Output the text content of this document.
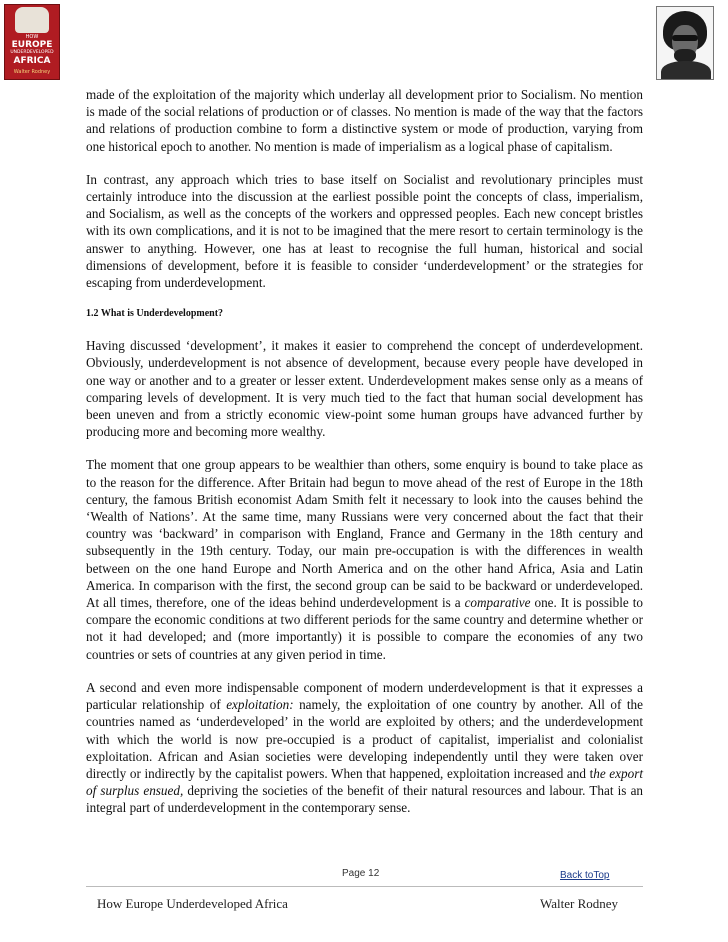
HOW
EUROPE
UNDERDEVELOPED
AFRICA
Walter Rodney

made of the exploitation of the majority which underlay all development prior to Socialism. No mention is made of the social relations of production or of classes. No mention is made of the way that the factors and relations of production combine to form a distinctive system or mode of production, varying from one historical epoch to another. No mention is made of imperialism as a logical phase of capitalism.

In contrast, any approach which tries to base itself on Socialist and revolutionary principles must certainly introduce into the discussion at the earliest possible point the concepts of class, imperialism, and Socialism, as well as the concepts of the workers and oppressed peoples. Each new concept bristles with its own complications, and it is not to be imagined that the mere resort to certain terminology is the answer to anything. However, one has at least to recognise the full human, historical and social dimensions of development, before it is feasible to consider ‘underdevelopment’ or the strategies for escaping from underdevelopment.

1.2 What is Underdevelopment?

Having discussed ‘development’, it makes it easier to comprehend the concept of underdevelopment. Obviously, underdevelopment is not absence of development, because every people have developed in one way or another and to a greater or lesser extent. Underdevelopment makes sense only as a means of comparing levels of development. It is very much tied to the fact that human social development has been uneven and from a strictly economic view-point some human groups have advanced further by producing more and becoming more wealthy.

The moment that one group appears to be wealthier than others, some enquiry is bound to take place as to the reason for the difference. After Britain had begun to move ahead of the rest of Europe in the 18th century, the famous British economist Adam Smith felt it necessary to look into the causes behind the ‘Wealth of Nations’. At the same time, many Russians were very concerned about the fact that their country was ‘backward’ in comparison with England, France and Germany in the 18th century and subsequently in the 19th century. Today, our main pre-occupation is with the differences in wealth between on the one hand Europe and North America and on the other hand Africa, Asia and Latin America. In comparison with the first, the second group can be said to be backward or underdeveloped. At all times, therefore, one of the ideas behind underdevelopment is a comparative one. It is possible to compare the economic conditions at two different periods for the same country and determine whether or not it had developed; and (more importantly) it is possible to compare the economies of any two countries or sets of countries at any given period in time.

A second and even more indispensable component of modern underdevelopment is that it expresses a particular relationship of exploitation: namely, the exploitation of one country by another. All of the countries named as ‘underdeveloped’ in the world are exploited by others; and the underdevelopment with which the world is now pre-occupied is a product of capitalist, imperialist and colonialist exploitation. African and Asian societies were developing independently until they were taken over directly or indirectly by the capitalist powers. When that happened, exploitation increased and the export of surplus ensued, depriving the societies of the benefit of their natural resources and labour. That is an integral part of underdevelopment in the contemporary sense.

Page 12	Back toTop
How Europe Underdeveloped Africa	Walter Rodney
